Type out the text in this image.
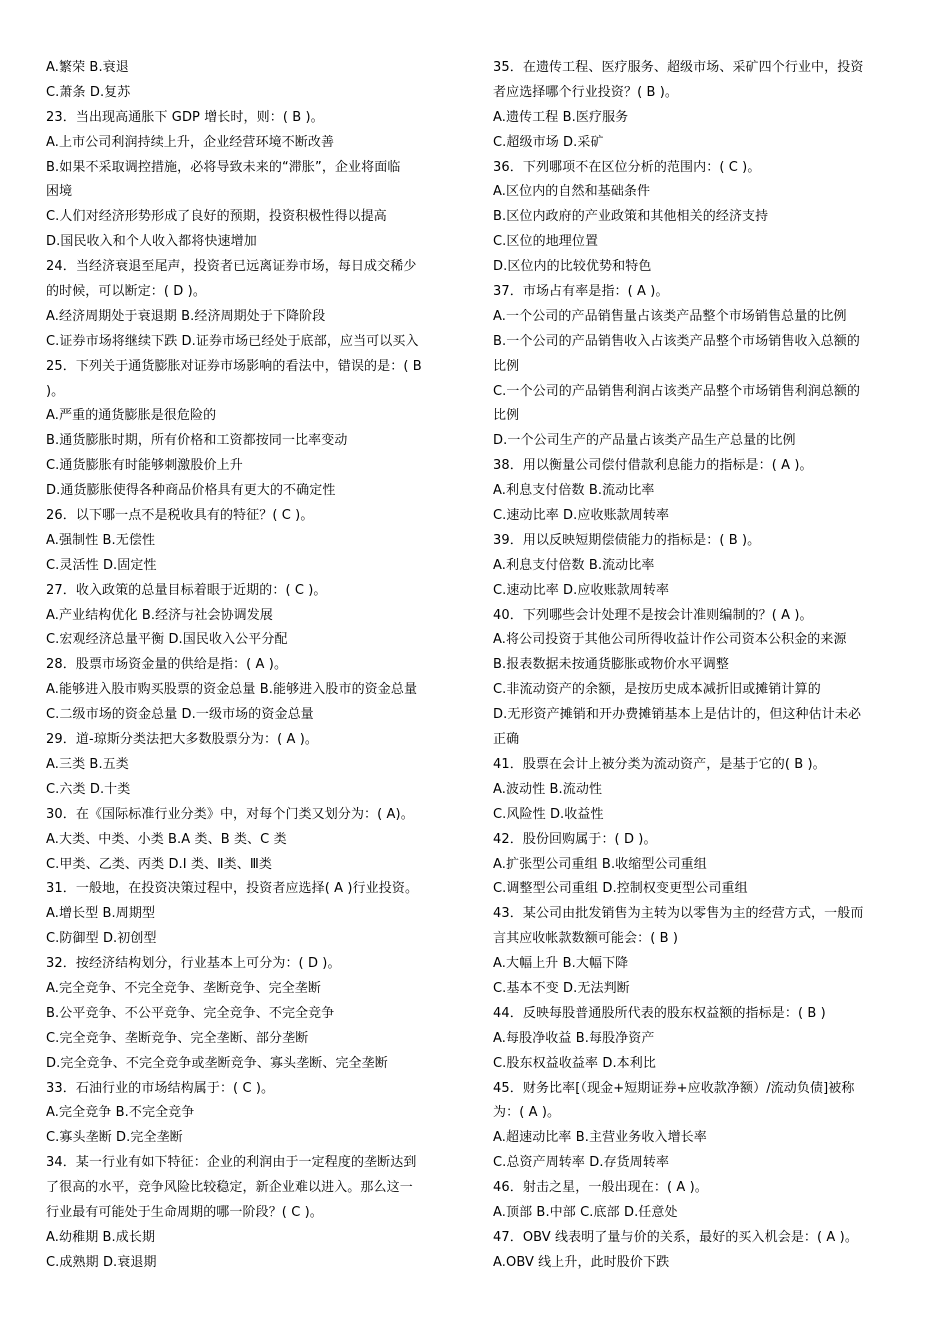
A.繁荣 B.衰退
C.萧条 D.复苏
23．当出现高通胀下 GDP 增长时，则：( B )。
A.上市公司利润持续上升，企业经营环境不断改善
B.如果不采取调控措施，必将导致未来的“滞胀”，企业将面临
困境
C.人们对经济形势形成了良好的预期，投资积极性得以提高
D.国民收入和个人收入都将快速增加
24．当经济衰退至尾声，投资者已远离证券市场，每日成交稀少
的时候，可以断定：( D )。
A.经济周期处于衰退期 B.经济周期处于下降阶段
C.证券市场将继续下跌 D.证券市场已经处于底部，应当可以买入
25．下列关于通货膨胀对证券市场影响的看法中，错误的是：( B
)。
A.严重的通货膨胀是很危险的
B.通货膨胀时期，所有价格和工资都按同一比率变动
C.通货膨胀有时能够刺激股价上升
D.通货膨胀使得各种商品价格具有更大的不确定性
26．以下哪一点不是税收具有的特征？( C )。
A.强制性 B.无偿性
C.灵活性 D.固定性
27．收入政策的总量目标着眼于近期的：( C )。
A.产业结构优化 B.经济与社会协调发展
C.宏观经济总量平衡 D.国民收入公平分配
28．股票市场资金量的供给是指：( A )。
A.能够进入股市购买股票的资金总量 B.能够进入股市的资金总量
C.二级市场的资金总量 D.一级市场的资金总量
29．道-琼斯分类法把大多数股票分为：( A )。
A.三类 B.五类
C.六类 D.十类
30．在《国际标准行业分类》中，对每个门类又划分为：( A)。
A.大类、中类、小类 B.A 类、B 类、C 类
C.甲类、乙类、丙类 D.Ⅰ 类、Ⅱ类、Ⅲ类
31．一般地，在投资决策过程中，投资者应选择( A )行业投资。
A.增长型 B.周期型
C.防御型 D.初创型
32．按经济结构划分，行业基本上可分为：( D )。
A.完全竞争、不完全竞争、垄断竞争、完全垄断
B.公平竞争、不公平竞争、完全竞争、不完全竞争
C.完全竞争、垄断竞争、完全垄断、部分垄断
D.完全竞争、不完全竞争或垄断竞争、寡头垄断、完全垄断
33．石油行业的市场结构属于：( C )。
A.完全竞争 B.不完全竞争
C.寡头垄断 D.完全垄断
34．某一行业有如下特征：企业的利润由于一定程度的垄断达到
了很高的水平，竞争风险比较稳定，新企业难以进入。那么这一
行业最有可能处于生命周期的哪一阶段？( C )。
A.幼稚期 B.成长期
C.成熟期 D.衰退期
35．在遗传工程、医疗服务、超级市场、采矿四个行业中，投资
者应选择哪个行业投资？( B )。
A.遗传工程 B.医疗服务
C.超级市场 D.采矿
36．下列哪项不在区位分析的范围内：( C )。
A.区位内的自然和基础条件
B.区位内政府的产业政策和其他相关的经济支持
C.区位的地理位置
D.区位内的比较优势和特色
37．市场占有率是指：( A )。
A.一个公司的产品销售量占该类产品整个市场销售总量的比例
B.一个公司的产品销售收入占该类产品整个市场销售收入总额的
比例
C.一个公司的产品销售利润占该类产品整个市场销售利润总额的
比例
D.一个公司生产的产品量占该类产品生产总量的比例
38．用以衡量公司偿付借款利息能力的指标是：( A )。
A.利息支付倍数 B.流动比率
C.速动比率 D.应收账款周转率
39．用以反映短期偿债能力的指标是：( B )。
A.利息支付倍数 B.流动比率
C.速动比率 D.应收账款周转率
40．下列哪些会计处理不是按会计准则编制的？( A )。
A.将公司投资于其他公司所得收益计作公司资本公积金的来源
B.报表数据未按通货膨胀或物价水平调整
C.非流动资产的余额，是按历史成本减折旧或摊销计算的
D.无形资产摊销和开办费摊销基本上是估计的，但这种估计未必
正确
41．股票在会计上被分类为流动资产，是基于它的( B )。
A.波动性 B.流动性
C.风险性 D.收益性
42．股份回购属于：( D )。
A.扩张型公司重组 B.收缩型公司重组
C.调整型公司重组 D.控制权变更型公司重组
43．某公司由批发销售为主转为以零售为主的经营方式，一般而
言其应收帐款数额可能会：( B )
A.大幅上升 B.大幅下降
C.基本不变 D.无法判断
44．反映每股普通股所代表的股东权益额的指标是：( B )
A.每股净收益 B.每股净资产
C.股东权益收益率 D.本利比
45．财务比率[（现金+短期证券+应收款净额）/流动负债]被称
为：( A )。
A.超速动比率 B.主营业务收入增长率
C.总资产周转率 D.存货周转率
46．射击之星，一般出现在：( A )。
A.顶部 B.中部 C.底部 D.任意处
47．OBV 线表明了量与价的关系，最好的买入机会是：( A )。
A.OBV 线上升，此时股价下跌
